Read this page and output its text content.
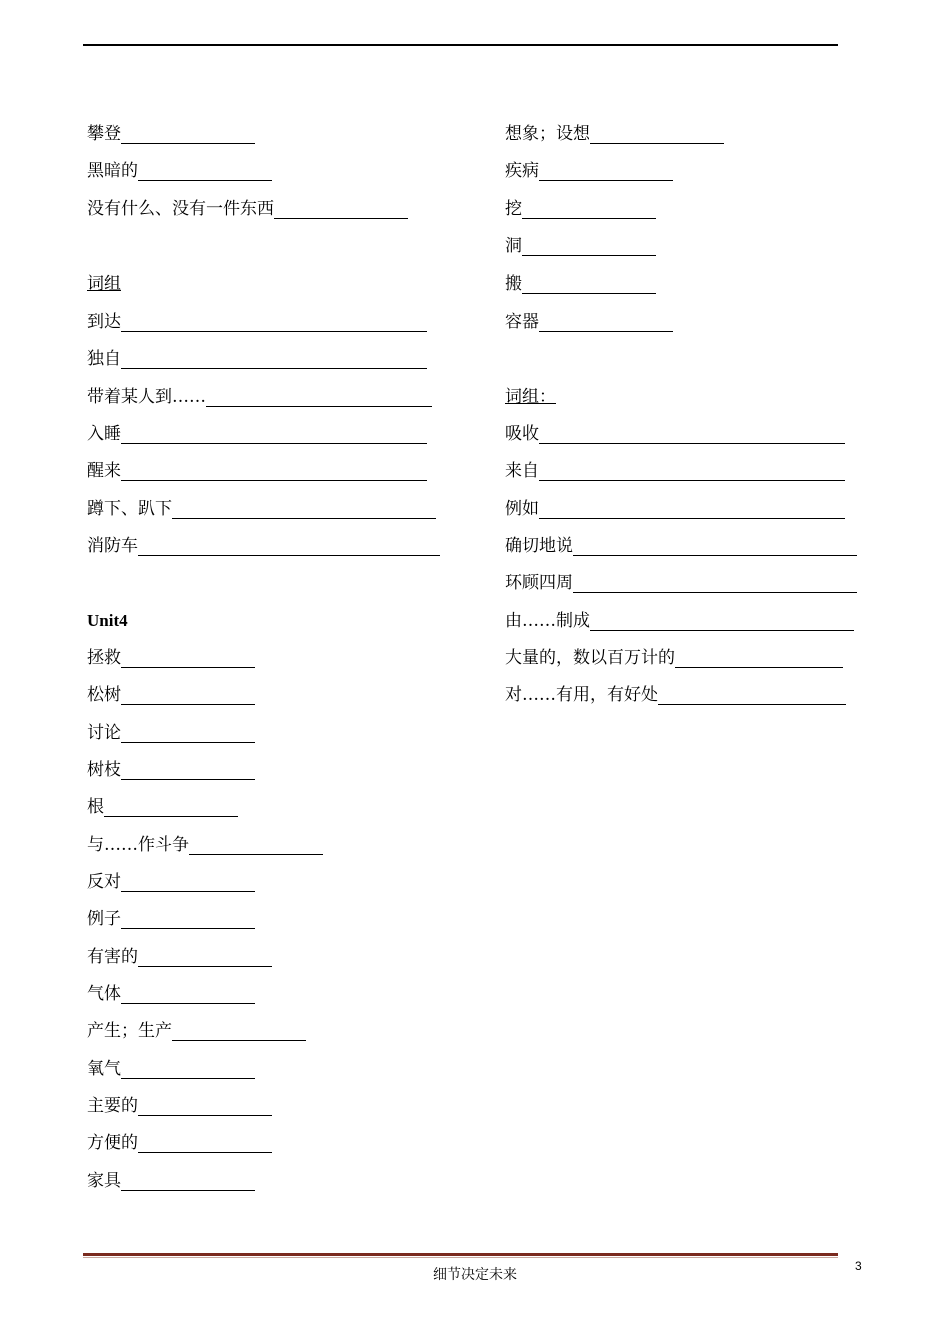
攀登
黑暗的
没有什么、没有一件东西
词组
到达
独自
带着某人到……
入睡
醒来
蹲下、趴下
消防车
Unit4
拯救
松树
讨论
树枝
根
与……作斗争
反对
例子
有害的
气体
产生；生产
氧气
主要的
方便的
家具
想象；设想
疾病
挖
洞
搬
容器
词组：
吸收
来自
例如
确切地说
环顾四周
由……制成
大量的，数以百万计的
对……有用，有好处
细节决定未来
3
